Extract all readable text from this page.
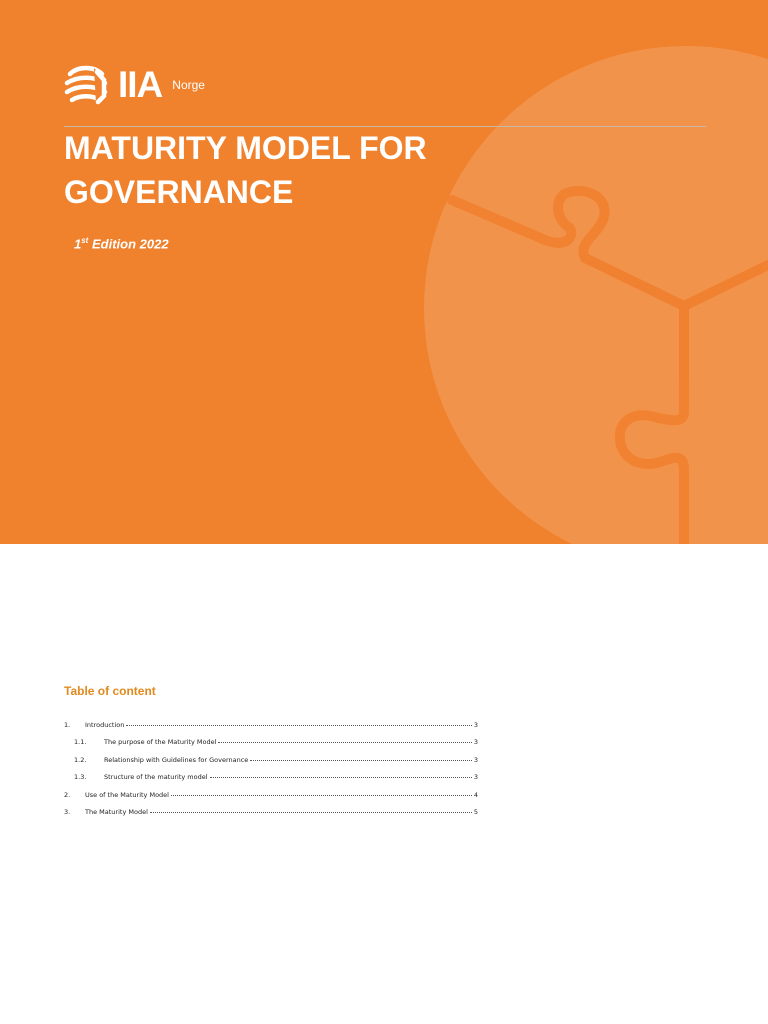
IIA Norge
MATURITY MODEL FOR
GOVERNANCE
1st Edition 2022
Table of content
1.	Introduction	3
1.1.	The purpose of the Maturity Model	3
1.2.	Relationship with Guidelines for Governance	3
1.3.	Structure of the maturity model	3
2.	Use of the Maturity Model	4
3.	The Maturity Model	5
